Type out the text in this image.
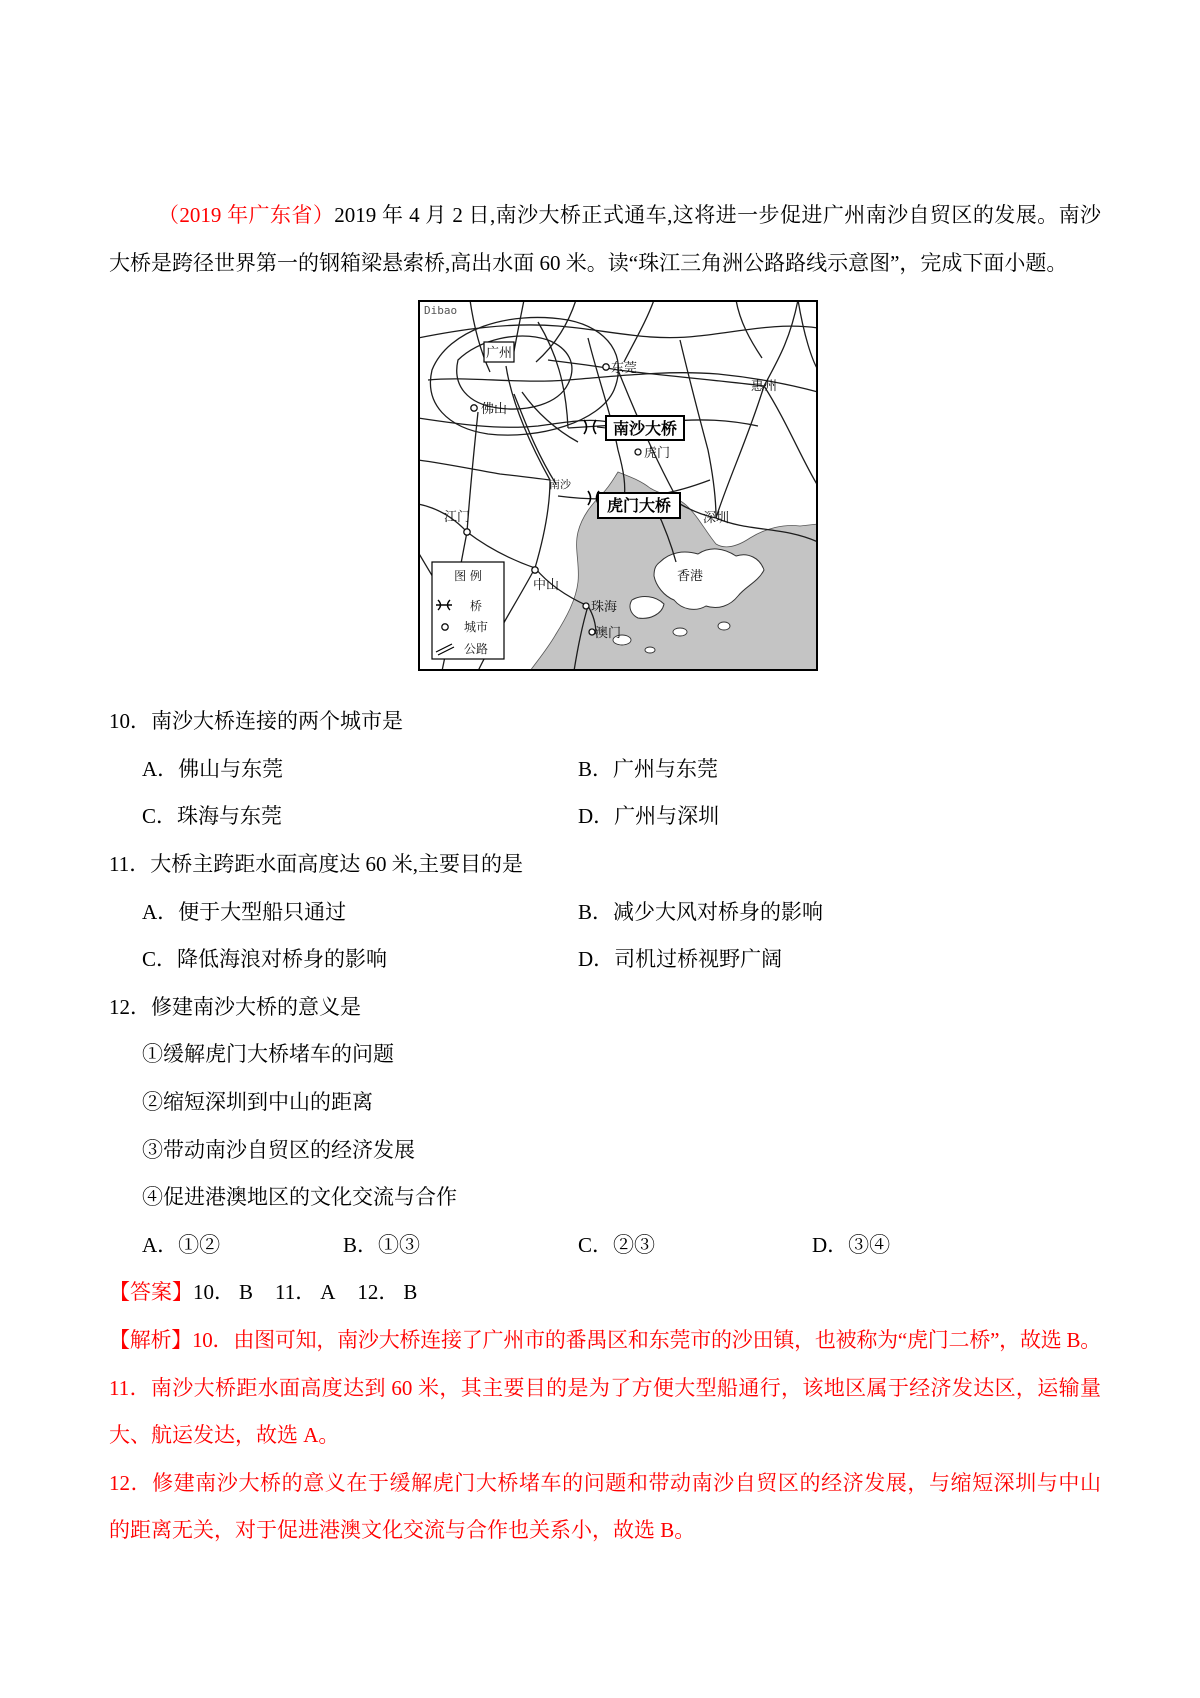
（2019 年广东省）2019 年 4 月 2 日,南沙大桥正式通车,这将进一步促进广州南沙自贸区的发展。南沙
大桥是跨径世界第一的钢箱梁悬索桥,高出水面 60 米。读“珠江三角洲公路路线示意图”，完成下面小题。
Dibao
广州
东莞
惠州
佛山
南沙大桥
虎门
南沙
虎门大桥
江门	深圳
中山
香港
珠海
澳门
图 例
桥
城市
公路
10．南沙大桥连接的两个城市是
A．佛山与东莞	B．广州与东莞
C．珠海与东莞	D．广州与深圳
11．大桥主跨距水面高度达 60 米,主要目的是
A．便于大型船只通过	B．减少大风对桥身的影响
C．降低海浪对桥身的影响	D．司机过桥视野广阔
12．修建南沙大桥的意义是
①缓解虎门大桥堵车的问题
②缩短深圳到中山的距离
③带动南沙自贸区的经济发展
④促进港澳地区的文化交流与合作
A．①②	B．①③	C．②③	D．③④
【答案】10． B 11． A 12． B
【解析】10．由图可知，南沙大桥连接了广州市的番禺区和东莞市的沙田镇，也被称为“虎门二桥”，故选 B。
11．南沙大桥距水面高度达到 60 米，其主要目的是为了方便大型船通行，该地区属于经济发达区，运输量
大、航运发达，故选 A。
12．修建南沙大桥的意义在于缓解虎门大桥堵车的问题和带动南沙自贸区的经济发展，与缩短深圳与中山
的距离无关，对于促进港澳文化交流与合作也关系小，故选 B。
